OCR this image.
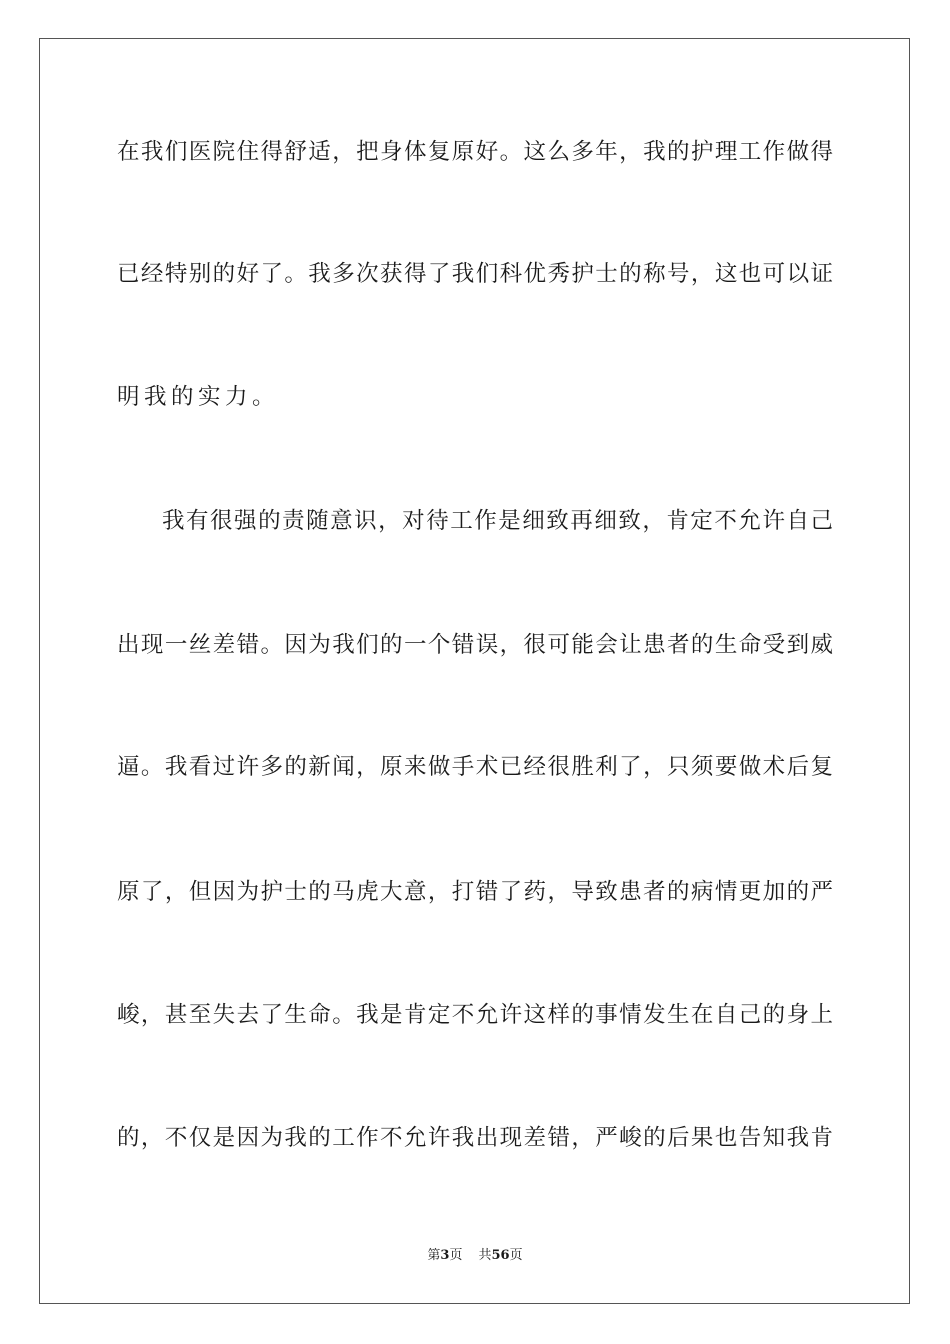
在我们医院住得舒适，把身体复原好。这么多年，我的护理工作做得

已经特别的好了。我多次获得了我们科优秀护士的称号，这也可以证

明我的实力。

我有很强的责随意识，对待工作是细致再细致，肯定不允许自己

出现一丝差错。因为我们的一个错误，很可能会让患者的生命受到威

逼。我看过许多的新闻，原来做手术已经很胜利了，只须要做术后复

原了，但因为护士的马虎大意，打错了药，导致患者的病情更加的严

峻，甚至失去了生命。我是肯定不允许这样的事情发生在自己的身上

的，不仅是因为我的工作不允许我出现差错，严峻的后果也告知我肯

第3页 共56页
